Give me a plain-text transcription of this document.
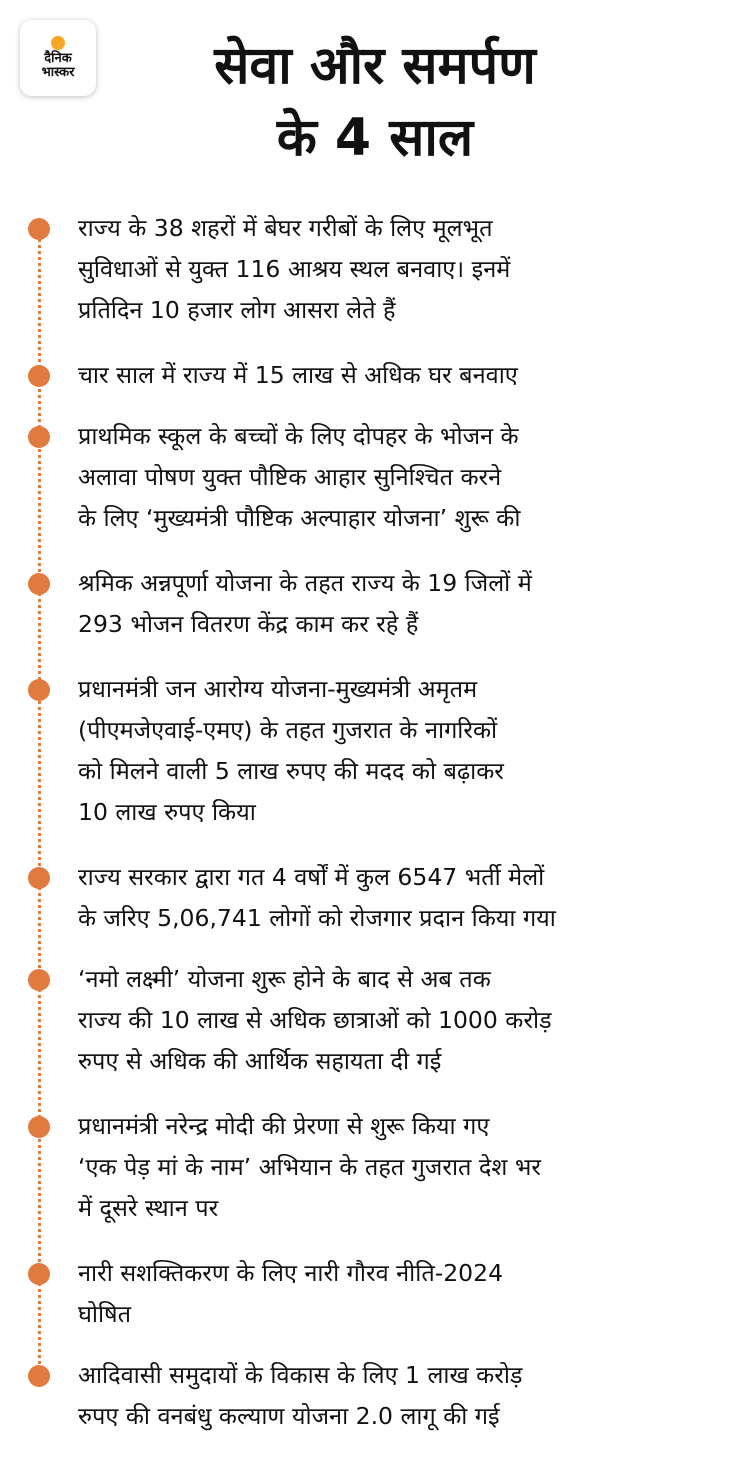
दैनिक
भास्कर	सेवा और समर्पण
के 4 साल
राज्य के 38 शहरों में बेघर गरीबों के लिए मूलभूत
सुविधाओं से युक्त 116 आश्रय स्थल बनवाए। इनमें
प्रतिदिन 10 हजार लोग आसरा लेते हैं
चार साल में राज्य में 15 लाख से अधिक घर बनवाए
प्राथमिक स्कूल के बच्चों के लिए दोपहर के भोजन के
अलावा पोषण युक्त पौष्टिक आहार सुनिश्चित करने
के लिए ‘मुख्यमंत्री पौष्टिक अल्पाहार योजना’ शुरू की
श्रमिक अन्नपूर्णा योजना के तहत राज्य के 19 जिलों में
293 भोजन वितरण केंद्र काम कर रहे हैं
प्रधानमंत्री जन आरोग्य योजना-मुख्यमंत्री अमृतम
(पीएमजेएवाई-एमए) के तहत गुजरात के नागरिकों
को मिलने वाली 5 लाख रुपए की मदद को बढ़ाकर
10 लाख रुपए किया
राज्य सरकार द्वारा गत 4 वर्षों में कुल 6547 भर्ती मेलों
के जरिए 5,06,741 लोगों को रोजगार प्रदान किया गया
‘नमो लक्ष्मी’ योजना शुरू होने के बाद से अब तक
राज्य की 10 लाख से अधिक छात्राओं को 1000 करोड़
रुपए से अधिक की आर्थिक सहायता दी गई
प्रधानमंत्री नरेन्द्र मोदी की प्रेरणा से शुरू किया गए
‘एक पेड़ मां के नाम’ अभियान के तहत गुजरात देश भर
में दूसरे स्थान पर
नारी सशक्तिकरण के लिए नारी गौरव नीति-2024
घोषित
आदिवासी समुदायों के विकास के लिए 1 लाख करोड़
रुपए की वनबंधु कल्याण योजना 2.0 लागू की गई
